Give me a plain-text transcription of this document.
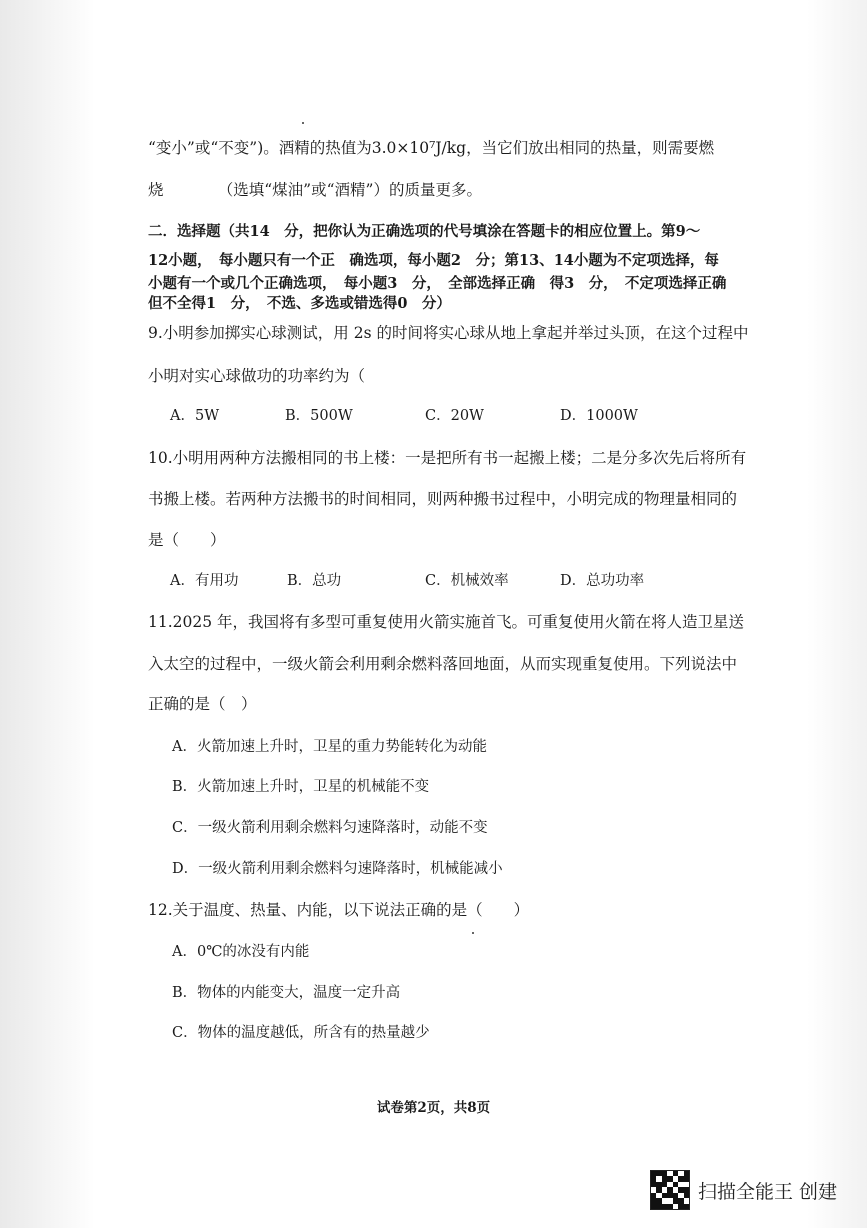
“变小”或“不变”)。酒精的热值为3.0×10⁷J/kg，当它们放出相同的热量，则需要燃
烧　　　　（选填“煤油”或“酒精”）的质量更多。
二．选择题（共14　分，把你认为正确选项的代号填涂在答题卡的相应位置上。第9～
12小题，　每小题只有一个正　确选项，每小题2　分；第13、14小题为不定项选择，每
小题有一个或几个正确选项，　每小题3　分，　全部选择正确　得3　分，　不定项选择正确
但不全得1　分，　不选、多选或错选得0　分）
9.小明参加掷实心球测试，用 2s 的时间将实心球从地上拿起并举过头顶，在这个过程中
小明对实心球做功的功率约为（
A．5W	B．500W	C．20W	D．1000W
10.小明用两种方法搬相同的书上楼：一是把所有书一起搬上楼；二是分多次先后将所有
书搬上楼。若两种方法搬书的时间相同，则两种搬书过程中，小明完成的物理量相同的
是（　　）
A．有用功	B．总功	C．机械效率	D．总功功率
11.2025 年，我国将有多型可重复使用火箭实施首飞。可重复使用火箭在将人造卫星送
入太空的过程中，一级火箭会利用剩余燃料落回地面，从而实现重复使用。下列说法中
正确的是（　）
A．火箭加速上升时，卫星的重力势能转化为动能
B．火箭加速上升时，卫星的机械能不变
C．一级火箭利用剩余燃料匀速降落时，动能不变
D．一级火箭利用剩余燃料匀速降落时，机械能减小
12.关于温度、热量、内能，以下说法正确的是（　　）
A．0℃的冰没有内能
B．物体的内能变大，温度一定升高
C．物体的温度越低，所含有的热量越少
试卷第2页，共8页
扫描全能王 创建
